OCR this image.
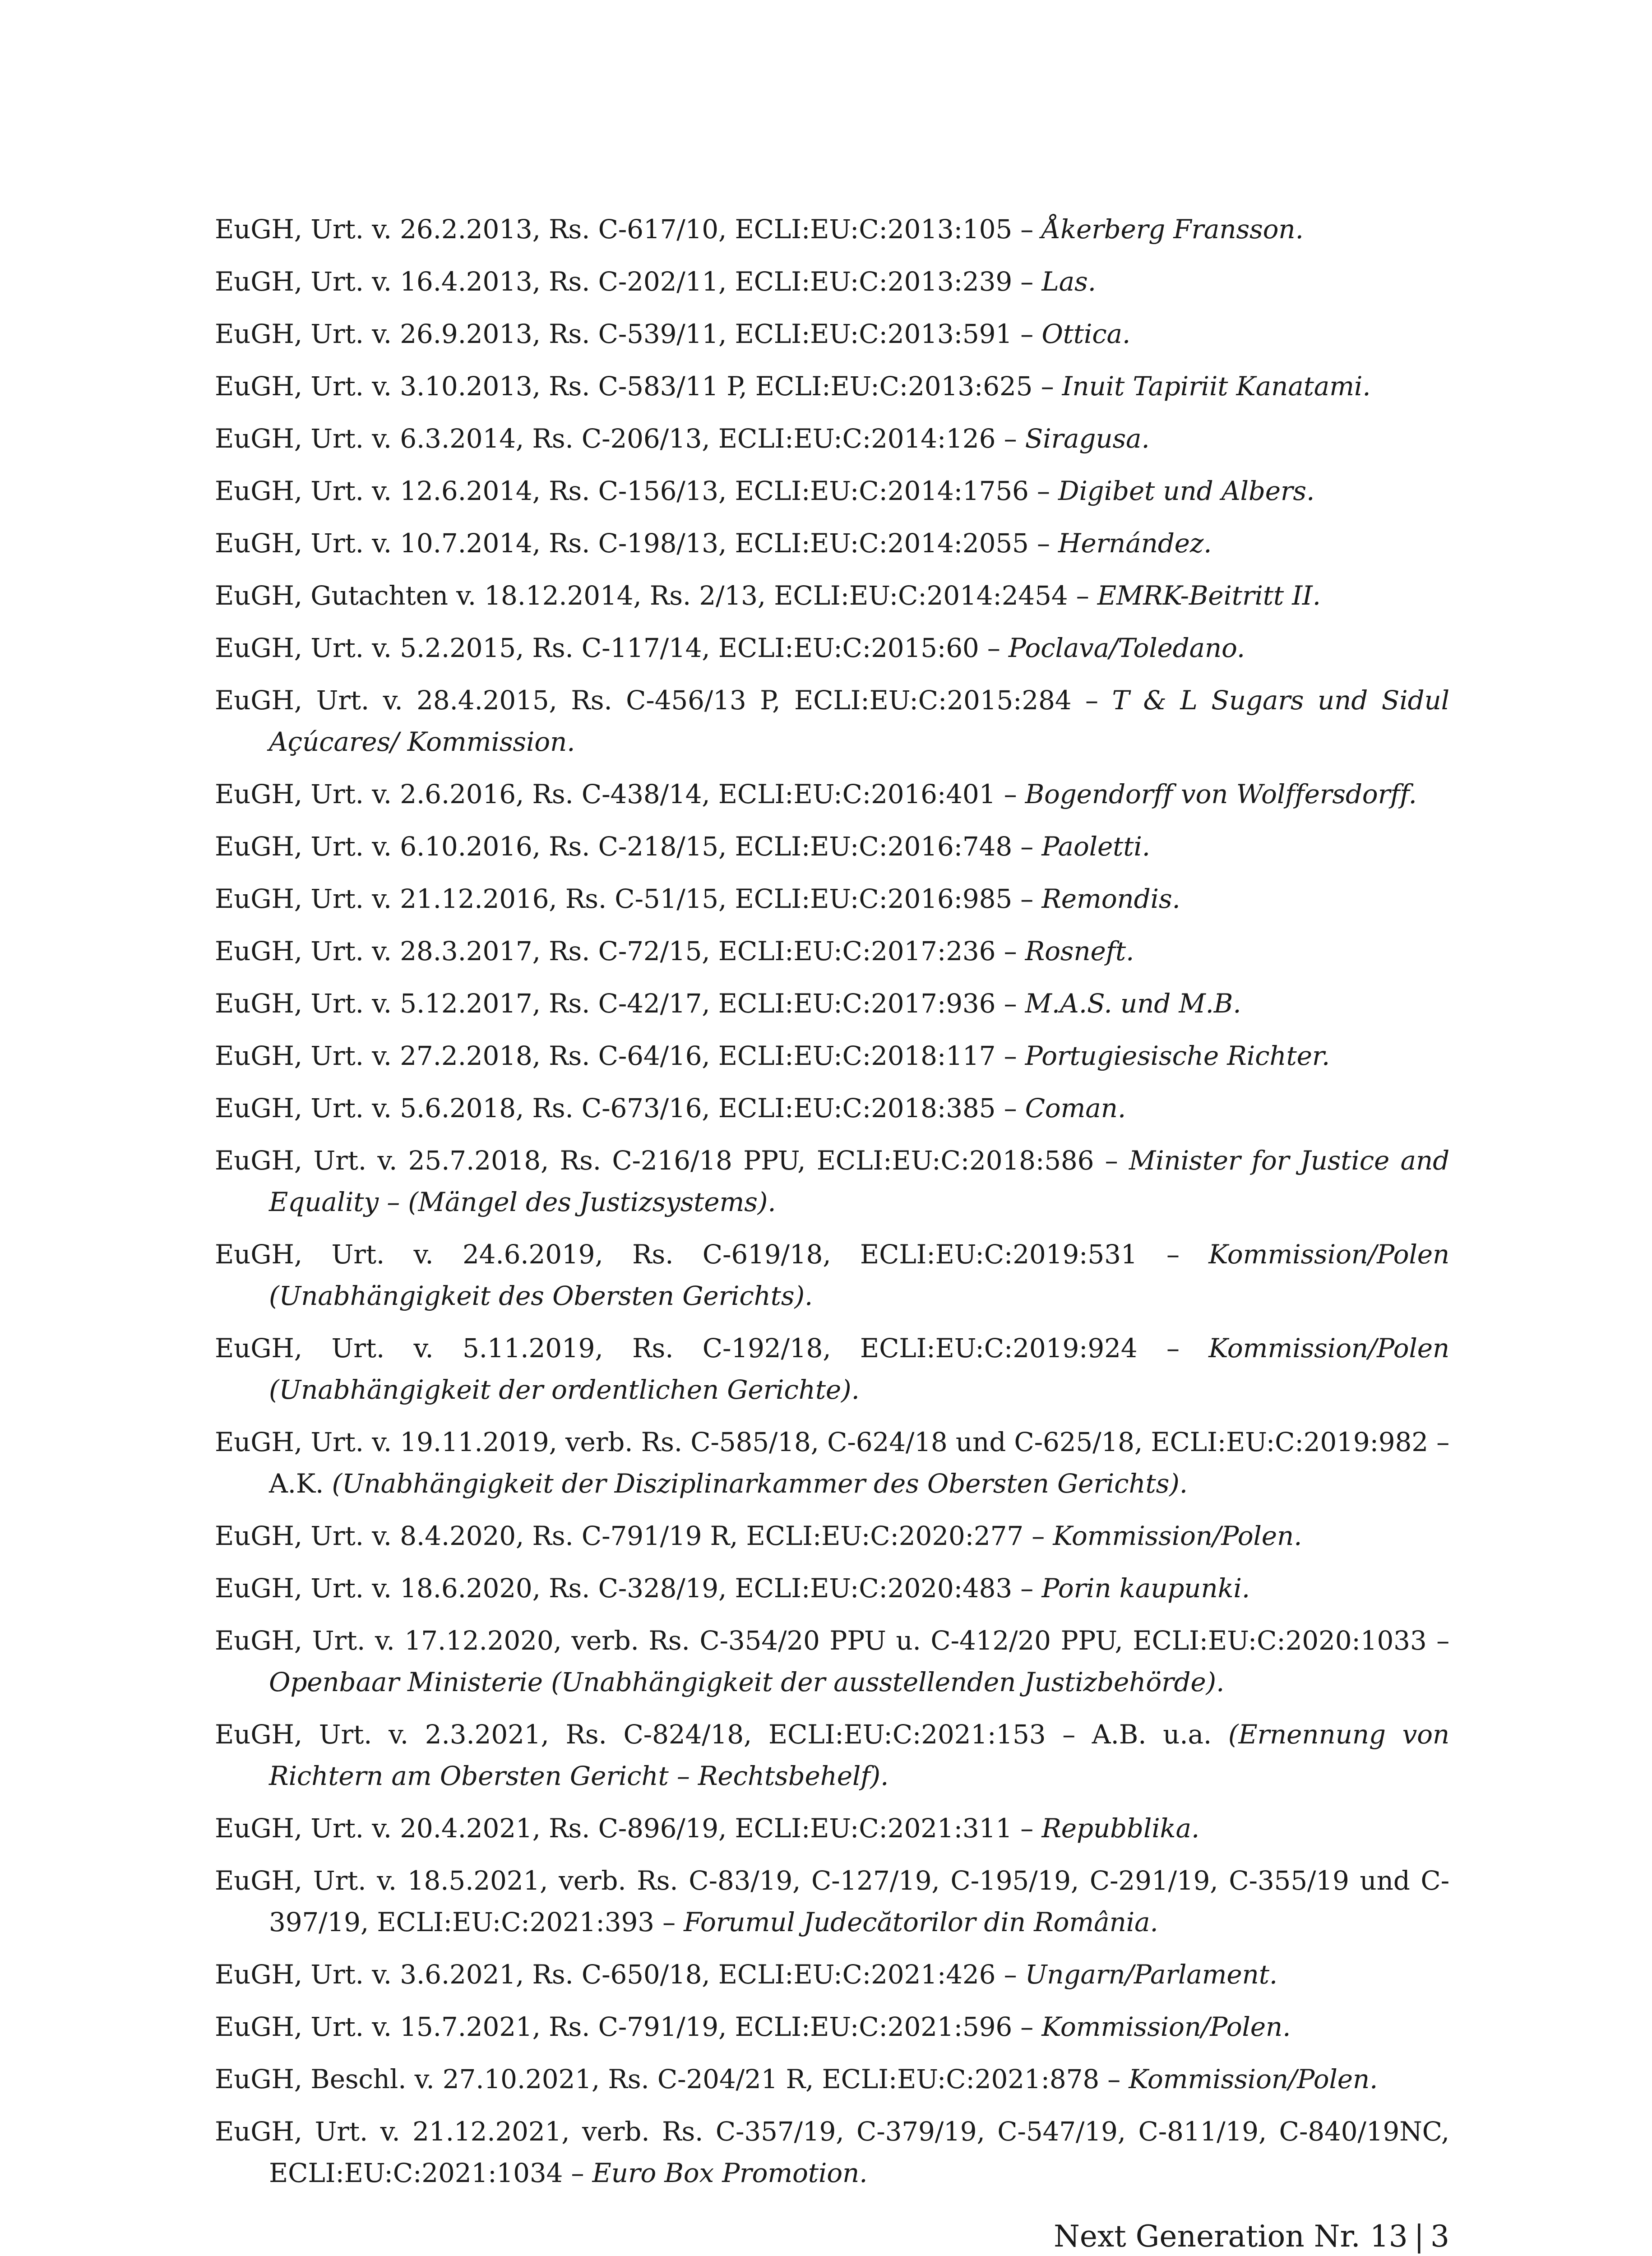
EuGH, Urt. v. 26.2.2013, Rs. C-617/10, ECLI:EU:C:2013:105 – Åkerberg Fransson.
EuGH, Urt. v. 16.4.2013, Rs. C-202/11, ECLI:EU:C:2013:239 – Las.
EuGH, Urt. v. 26.9.2013, Rs. C-539/11, ECLI:EU:C:2013:591 – Ottica.
EuGH, Urt. v. 3.10.2013, Rs. C-583/11 P, ECLI:EU:C:2013:625 – Inuit Tapiriit Kanatami.
EuGH, Urt. v. 6.3.2014, Rs. C-206/13, ECLI:EU:C:2014:126 – Siragusa.
EuGH, Urt. v. 12.6.2014, Rs. C-156/13, ECLI:EU:C:2014:1756 – Digibet und Albers.
EuGH, Urt. v. 10.7.2014, Rs. C-198/13, ECLI:EU:C:2014:2055 – Hernández.
EuGH, Gutachten v. 18.12.2014, Rs. 2/13, ECLI:EU:C:2014:2454 – EMRK-Beitritt II.
EuGH, Urt. v. 5.2.2015, Rs. C-117/14, ECLI:EU:C:2015:60 – Poclava/Toledano.
EuGH, Urt. v. 28.4.2015, Rs. C-456/13 P, ECLI:EU:C:2015:284 – T & L Sugars und Sidul Açúcares/ Kommission.
EuGH, Urt. v. 2.6.2016, Rs. C-438/14, ECLI:EU:C:2016:401 – Bogendorff von Wolffersdorff.
EuGH, Urt. v. 6.10.2016, Rs. C-218/15, ECLI:EU:C:2016:748 – Paoletti.
EuGH, Urt. v. 21.12.2016, Rs. C-51/15, ECLI:EU:C:2016:985 – Remondis.
EuGH, Urt. v. 28.3.2017, Rs. C-72/15, ECLI:EU:C:2017:236 – Rosneft.
EuGH, Urt. v. 5.12.2017, Rs. C-42/17, ECLI:EU:C:2017:936 – M.A.S. und M.B.
EuGH, Urt. v. 27.2.2018, Rs. C-64/16, ECLI:EU:C:2018:117 – Portugiesische Richter.
EuGH, Urt. v. 5.6.2018, Rs. C-673/16, ECLI:EU:C:2018:385 – Coman.
EuGH, Urt. v. 25.7.2018, Rs. C-216/18 PPU, ECLI:EU:C:2018:586 – Minister for Justice and Equality – (Mängel des Justizsystems).
EuGH, Urt. v. 24.6.2019, Rs. C-619/18, ECLI:EU:C:2019:531 – Kommission/Polen (Unabhängigkeit des Obersten Gerichts).
EuGH, Urt. v. 5.11.2019, Rs. C-192/18, ECLI:EU:C:2019:924 – Kommission/Polen (Unabhängigkeit der ordentlichen Gerichte).
EuGH, Urt. v. 19.11.2019, verb. Rs. C-585/18, C-624/18 und C-625/18, ECLI:EU:C:2019:982 – A.K. (Unabhängigkeit der Disziplinarkammer des Obersten Gerichts).
EuGH, Urt. v. 8.4.2020, Rs. C-791/19 R, ECLI:EU:C:2020:277 – Kommission/Polen.
EuGH, Urt. v. 18.6.2020, Rs. C-328/19, ECLI:EU:C:2020:483 – Porin kaupunki.
EuGH, Urt. v. 17.12.2020, verb. Rs. C-354/20 PPU u. C-412/20 PPU, ECLI:EU:C:2020:1033 – Openbaar Ministerie (Unabhängigkeit der ausstellenden Justizbehörde).
EuGH, Urt. v. 2.3.2021, Rs. C-824/18, ECLI:EU:C:2021:153 – A.B. u.a. (Ernennung von Richtern am Obersten Gericht – Rechtsbehelf).
EuGH, Urt. v. 20.4.2021, Rs. C-896/19, ECLI:EU:C:2021:311 – Repubblika.
EuGH, Urt. v. 18.5.2021, verb. Rs. C-83/19, C-127/19, C-195/19, C-291/19, C-355/19 und C-397/19, ECLI:EU:C:2021:393 – Forumul Judecătorilor din România.
EuGH, Urt. v. 3.6.2021, Rs. C-650/18, ECLI:EU:C:2021:426 – Ungarn/Parlament.
EuGH, Urt. v. 15.7.2021, Rs. C-791/19, ECLI:EU:C:2021:596 – Kommission/Polen.
EuGH, Beschl. v. 27.10.2021, Rs. C-204/21 R, ECLI:EU:C:2021:878 – Kommission/Polen.
EuGH, Urt. v. 21.12.2021, verb. Rs. C-357/19, C-379/19, C-547/19, C-811/19, C-840/19NC, ECLI:EU:C:2021:1034 – Euro Box Promotion.
Next Generation Nr. 13 | 3
